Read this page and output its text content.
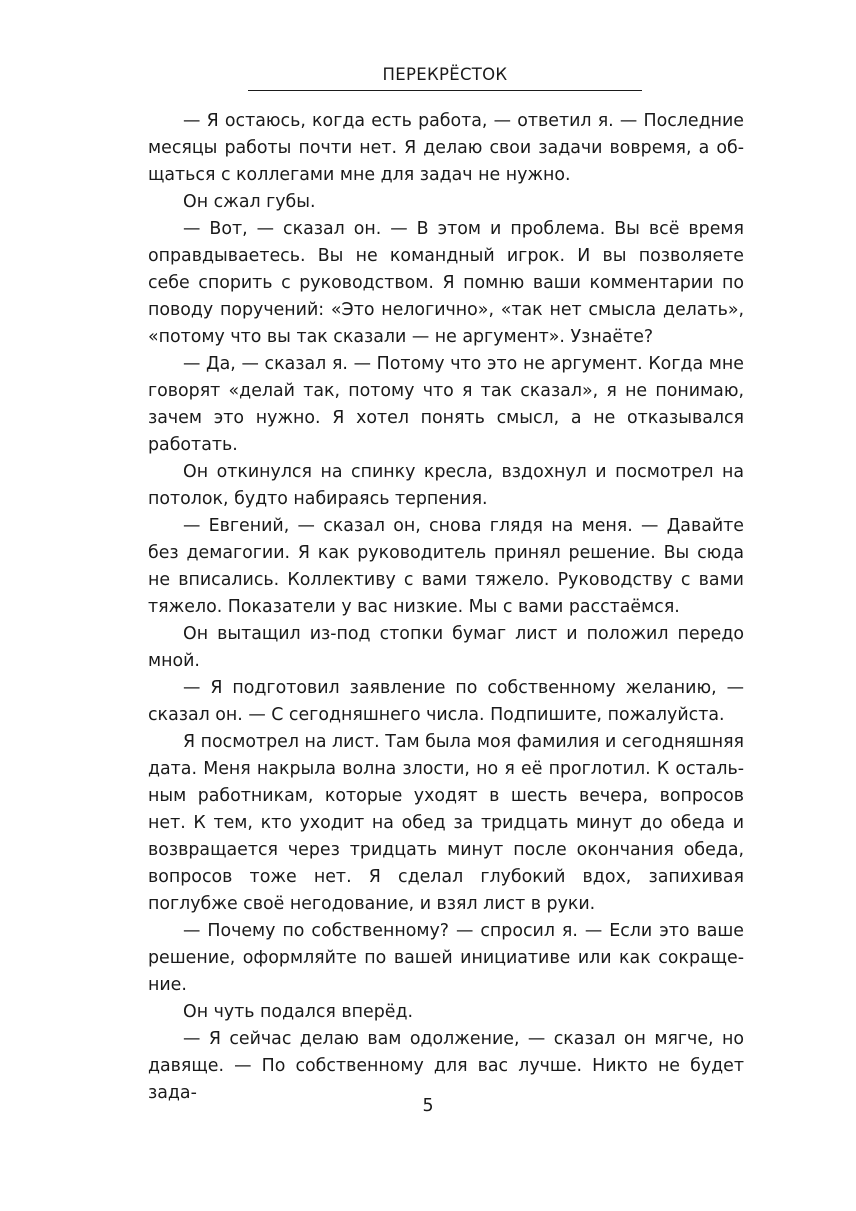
ПЕРЕКРЁСТОК

— Я остаюсь, когда есть работа, — ответил я. — Последние месяцы работы почти нет. Я делаю свои задачи вовремя, а общаться с коллегами мне для задач не нужно.

Он сжал губы.

— Вот, — сказал он. — В этом и проблема. Вы всё время оправдываетесь. Вы не командный игрок. И вы позволяете себе спорить с руководством. Я помню ваши комментарии по поводу поручений: «Это нелогично», «так нет смысла делать», «потому что вы так сказали — не аргумент». Узнаёте?

— Да, — сказал я. — Потому что это не аргумент. Когда мне говорят «делай так, потому что я так сказал», я не понимаю, зачем это нужно. Я хотел понять смысл, а не отказывался работать.

Он откинулся на спинку кресла, вздохнул и посмотрел на потолок, будто набираясь терпения.

— Евгений, — сказал он, снова глядя на меня. — Давайте без демагогии. Я как руководитель принял решение. Вы сюда не вписались. Коллективу с вами тяжело. Руководству с вами тяжело. Показатели у вас низкие. Мы с вами расстаёмся.

Он вытащил из-под стопки бумаг лист и положил передо мной.

— Я подготовил заявление по собственному желанию, — сказал он. — С сегодняшнего числа. Подпишите, пожалуйста.

Я посмотрел на лист. Там была моя фамилия и сегодняшняя дата. Меня накрыла волна злости, но я её проглотил. К остальным работникам, которые уходят в шесть вечера, вопросов нет. К тем, кто уходит на обед за тридцать минут до обеда и возвращается через тридцать минут после окончания обеда, вопросов тоже нет. Я сделал глубокий вдох, запихивая поглубже своё негодование, и взял лист в руки.

— Почему по собственному? — спросил я. — Если это ваше решение, оформляйте по вашей инициативе или как сокращение.

Он чуть подался вперёд.

— Я сейчас делаю вам одолжение, — сказал он мягче, но давяще. — По собственному для вас лучше. Никто не будет зада-

5
